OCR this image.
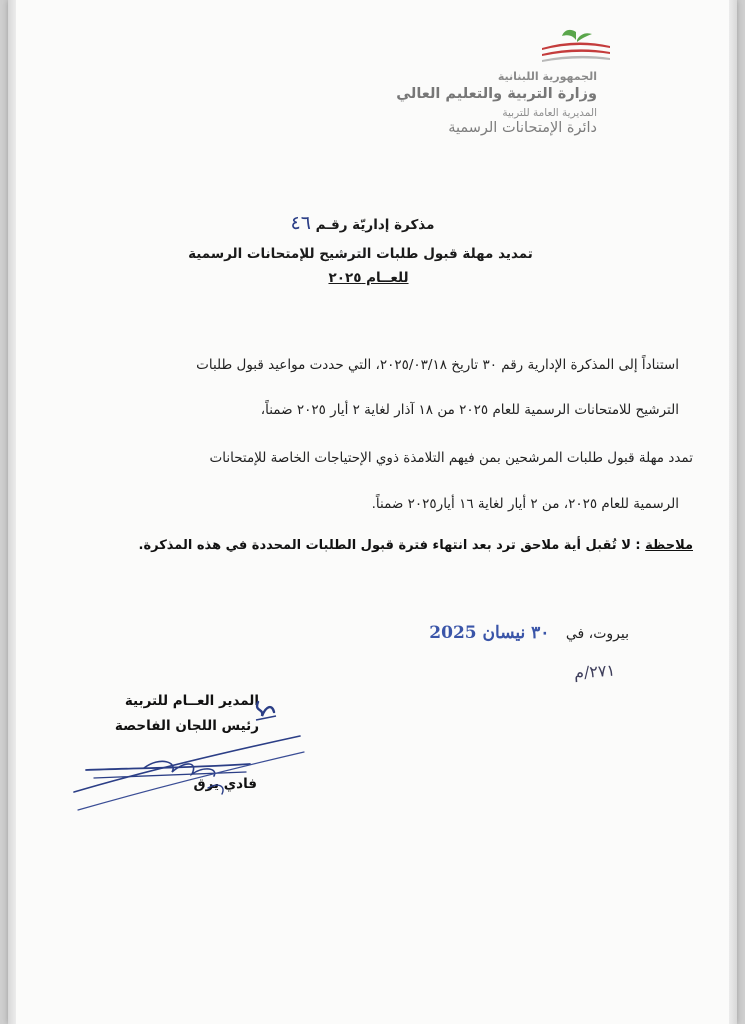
الجمهورية اللبنانية
وزارة التربية والتعليم العالي
المديرية العامة للتربية
دائرة الإمتحانات الرسمية
مذكرة إداريّة رقـم ٤٦
تمديد مهلة قبول طلبات الترشيح للإمتحانات الرسمية
للعــام ٢٠٢٥
استناداً إلى المذكرة الإدارية رقم ٣٠ تاريخ ٢٠٢٥/٠٣/١٨، التي حددت مواعيد قبول طلبات
الترشيح للامتحانات الرسمية للعام ٢٠٢٥ من ١٨ آذار لغاية ٢ أيار ٢٠٢٥ ضمناً،
تمدد مهلة قبول طلبات المرشحين بمن فيهم التلامذة ذوي الإحتياجات الخاصة للإمتحانات
الرسمية للعام ٢٠٢٥، من ٢ أيار لغاية ١٦ أيار٢٠٢٥ ضمناً.
ملاحظة : لا تُقبل أية ملاحق ترد بعد انتهاء فترة قبول الطلبات المحددة في هذه المذكرة.
بيروت، في ٣٠ نيسان 2025
٢٧١/م
المدير العــام للتربية
رئيس اللجان الفاحصة
فادي يرق
